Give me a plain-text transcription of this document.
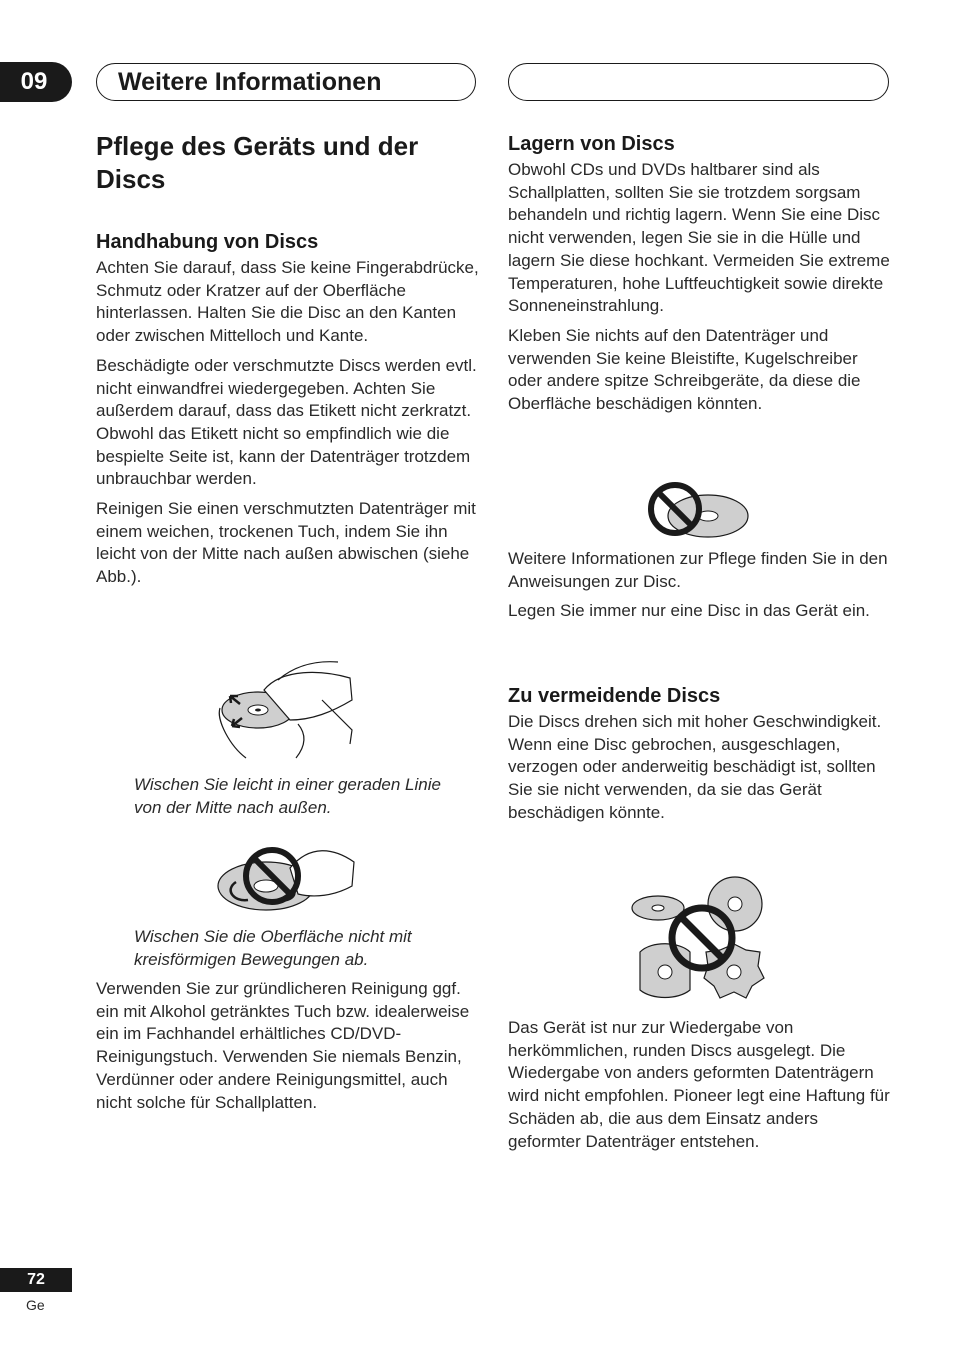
09	Weitere Informationen
Pflege des Geräts und der Discs
Handhabung von Discs

Achten Sie darauf, dass Sie keine Fingerabdrücke, Schmutz oder Kratzer auf der Oberfläche hinterlassen. Halten Sie die Disc an den Kanten oder zwischen Mittelloch und Kante.

Beschädigte oder verschmutzte Discs werden evtl. nicht einwandfrei wiedergegeben. Achten Sie außerdem darauf, dass das Etikett nicht zerkratzt. Obwohl das Etikett nicht so empfindlich wie die bespielte Seite ist, kann der Datenträger trotzdem unbrauchbar werden.

Reinigen Sie einen verschmutzten Datenträger mit einem weichen, trockenen Tuch, indem Sie ihn leicht von der Mitte nach außen abwischen (siehe Abb.).

Wischen Sie leicht in einer geraden Linie von der Mitte nach außen.

Wischen Sie die Oberfläche nicht mit kreisförmigen Bewegungen ab.

Verwenden Sie zur gründlicheren Reinigung ggf. ein mit Alkohol getränktes Tuch bzw. idealerweise ein im Fachhandel erhältliches CD/DVD-Reinigungstuch. Verwenden Sie niemals Benzin, Verdünner oder andere Reinigungsmittel, auch nicht solche für Schallplatten.

Lagern von Discs

Obwohl CDs und DVDs haltbarer sind als Schallplatten, sollten Sie sie trotzdem sorgsam behandeln und richtig lagern. Wenn Sie eine Disc nicht verwenden, legen Sie sie in die Hülle und lagern Sie diese hochkant. Vermeiden Sie extreme Temperaturen, hohe Luftfeuchtigkeit sowie direkte Sonneneinstrahlung.

Kleben Sie nichts auf den Datenträger und verwenden Sie keine Bleistifte, Kugelschreiber oder andere spitze Schreibgeräte, da diese die Oberfläche beschädigen könnten.

Weitere Informationen zur Pflege finden Sie in den Anweisungen zur Disc.

Legen Sie immer nur eine Disc in das Gerät ein.

Zu vermeidende Discs

Die Discs drehen sich mit hoher Geschwindigkeit. Wenn eine Disc gebrochen, ausgeschlagen, verzogen oder anderweitig beschädigt ist, sollten Sie sie nicht verwenden, da sie das Gerät beschädigen könnte.

Das Gerät ist nur zur Wiedergabe von herkömmlichen, runden Discs ausgelegt. Die Wiedergabe von anders geformten Datenträgern wird nicht empfohlen. Pioneer legt eine Haftung für Schäden ab, die aus dem Einsatz anders geformter Datenträger entstehen.

72
Ge
